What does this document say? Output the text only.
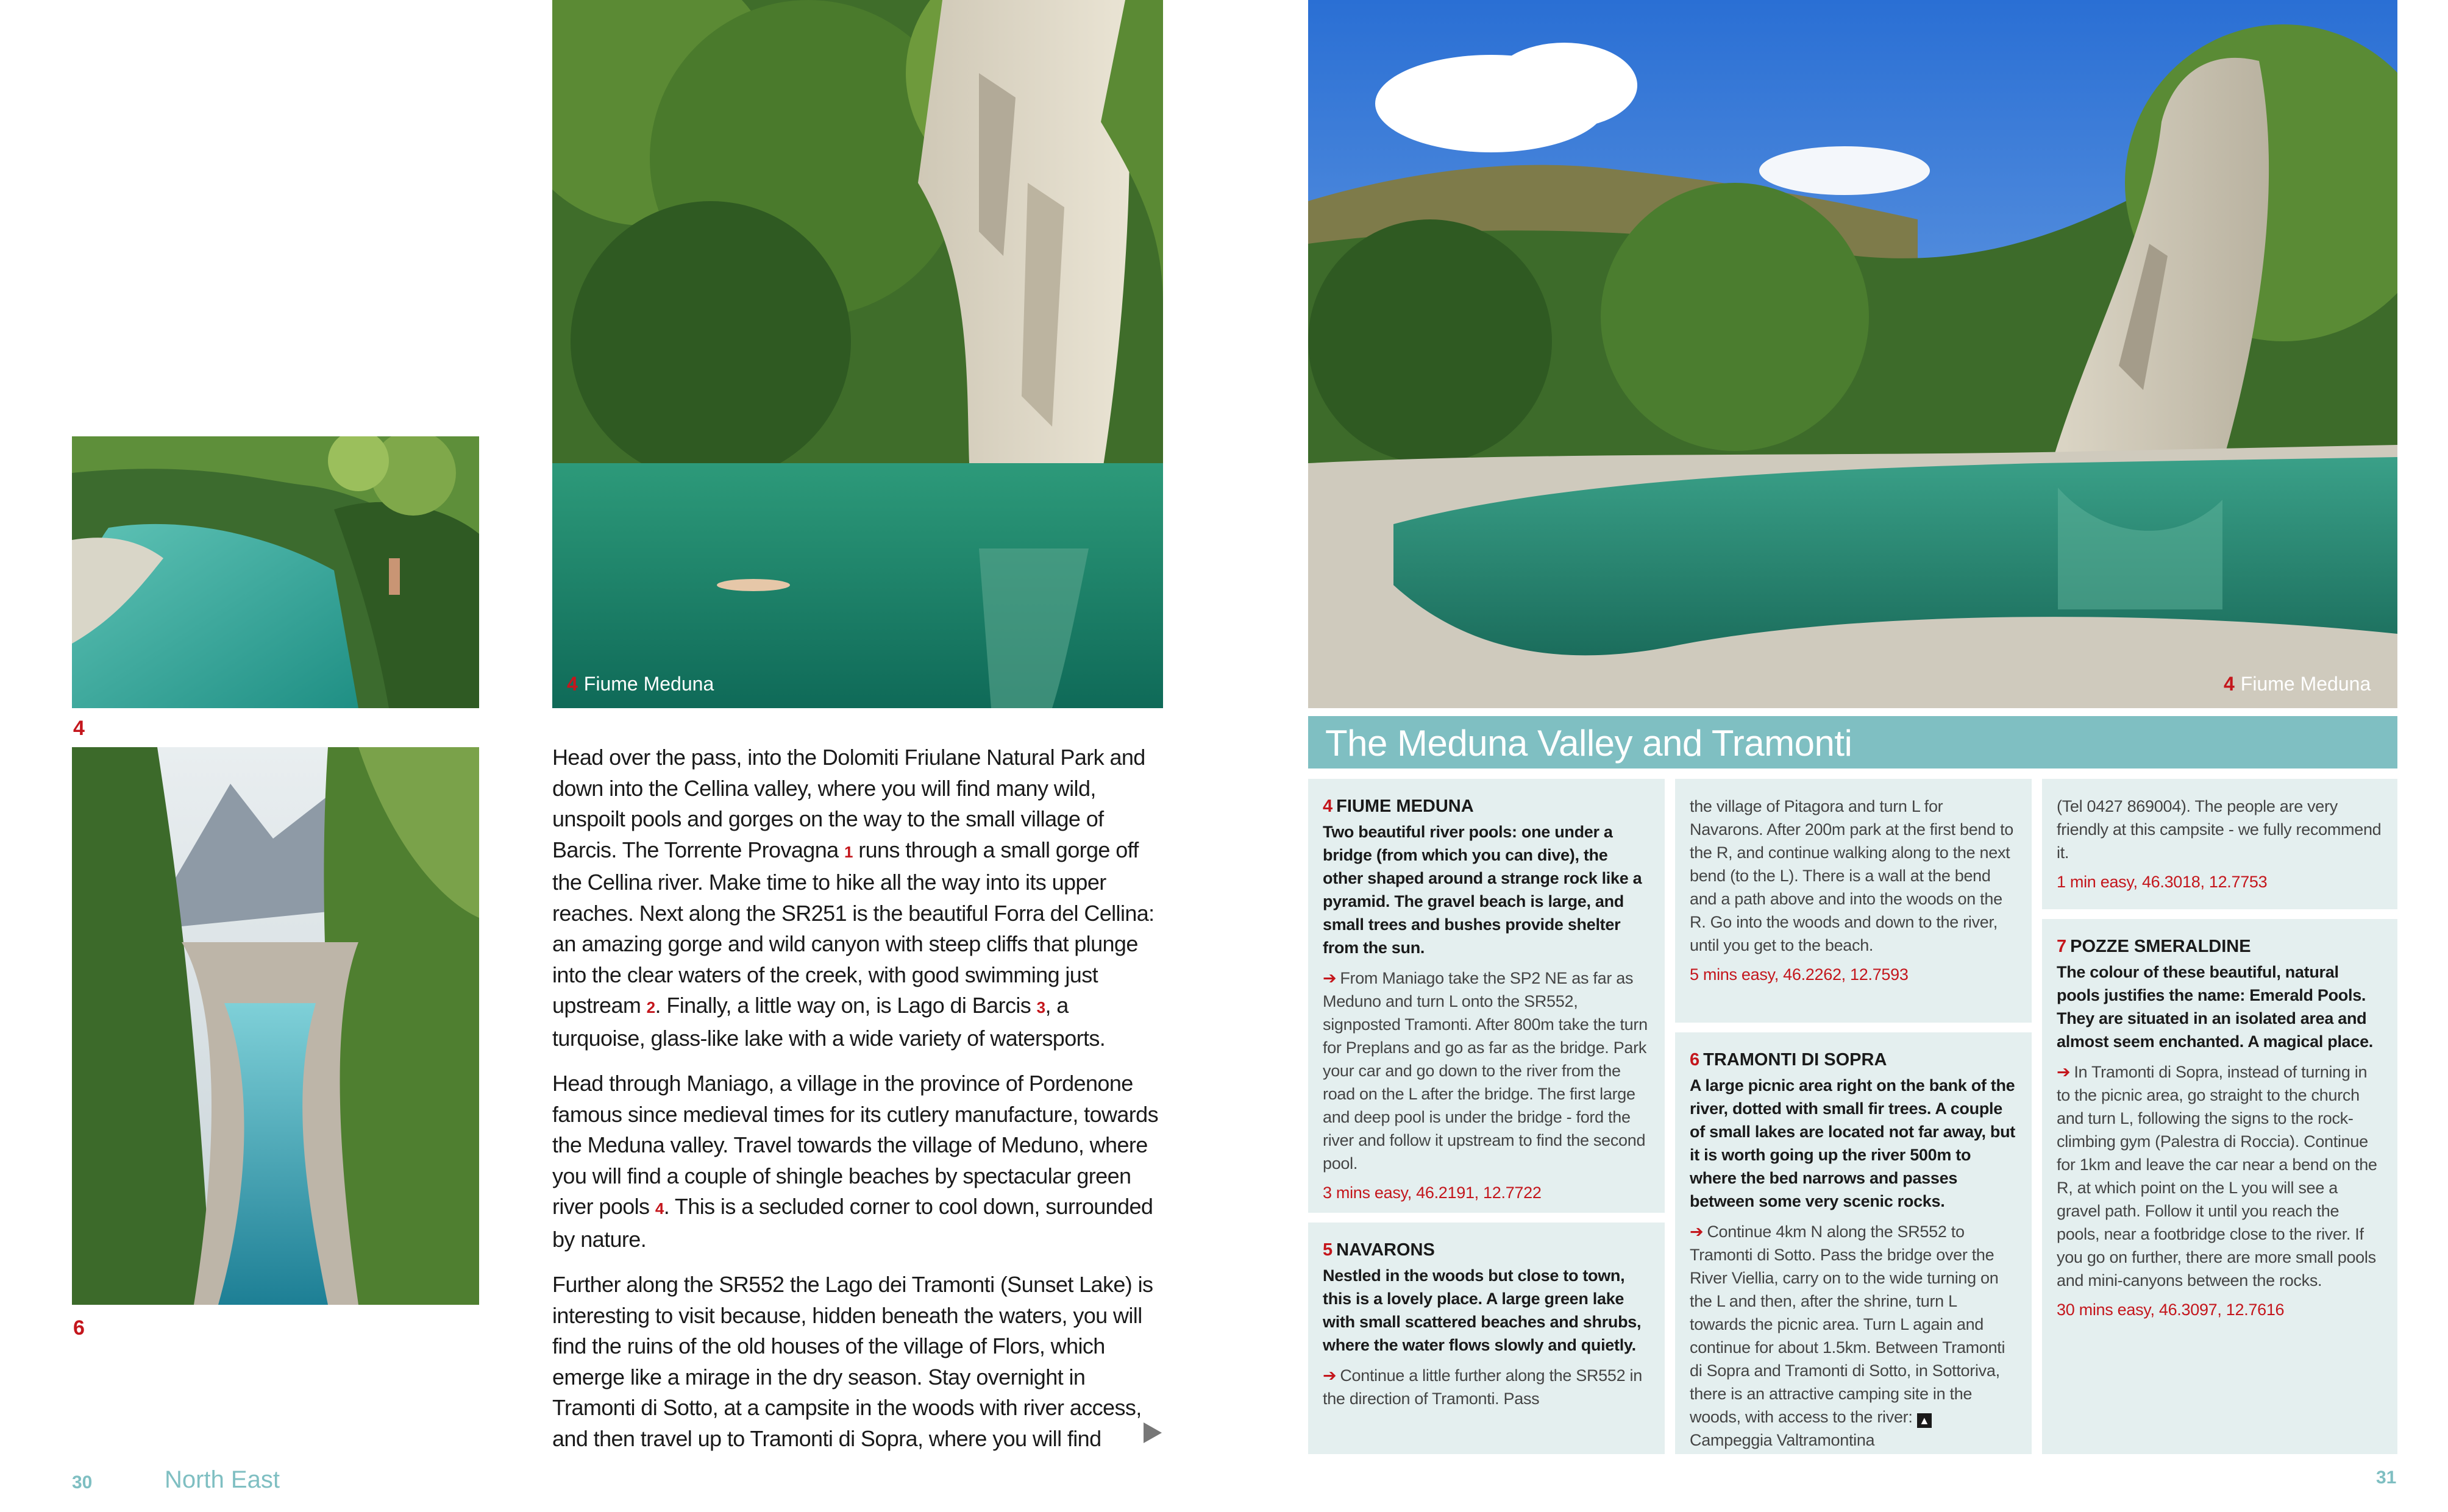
4
6
4 Fiume Meduna

Head over the pass, into the Dolomiti Friulane Natural Park and down into the Cellina valley, where you will find many wild, unspoilt pools and gorges on the way to the small village of Barcis. The Torrente Provagna 1 runs through a small gorge off the Cellina river. Make time to hike all the way into its upper reaches. Next along the SR251 is the beautiful Forra del Cellina: an amazing gorge and wild canyon with steep cliffs that plunge into the clear waters of the creek, with good swimming just upstream 2. Finally, a little way on, is Lago di Barcis 3, a turquoise, glass-like lake with a wide variety of watersports.

Head through Maniago, a village in the province of Pordenone famous since medieval times for its cutlery manufacture, towards the Meduna valley. Travel towards the village of Meduno, where you will find a couple of shingle beaches by spectacular green river pools 4. This is a secluded corner to cool down, surrounded by nature.

Further along the SR552 the Lago dei Tramonti (Sunset Lake) is interesting to visit because, hidden beneath the waters, you will find the ruins of the old houses of the village of Flors, which emerge like a mirage in the dry season. Stay overnight in Tramonti di Sotto, at a campsite in the woods with river access, and then travel up to Tramonti di Sopra, where you will find

30	North East
4 Fiume Meduna
The Meduna Valley and Tramonti
4 FIUME MEDUNA

Two beautiful river pools: one under a bridge (from which you can dive), the other shaped around a strange rock like a pyramid. The gravel beach is large, and small trees and bushes provide shelter from the sun.

➔ From Maniago take the SP2 NE as far as Meduno and turn L onto the SR552, signposted Tramonti. After 800m take the turn for Preplans and go as far as the bridge. Park your car and go down to the river from the road on the L after the bridge. The first large and deep pool is under the bridge - ford the river and follow it upstream to find the second pool.

3 mins easy, 46.2191, 12.7722

5 NAVARONS

Nestled in the woods but close to town, this is a lovely place. A large green lake with small scattered beaches and shrubs, where the water flows slowly and quietly.

➔ Continue a little further along the SR552 in the direction of Tramonti. Pass

the village of Pitagora and turn L for Navarons. After 200m park at the first bend to the R, and continue walking along to the next bend (to the L). There is a wall at the bend and a path above and into the woods on the R. Go into the woods and down to the river, until you get to the beach.

5 mins easy, 46.2262, 12.7593

6 TRAMONTI DI SOPRA

A large picnic area right on the bank of the river, dotted with small fir trees. A couple of small lakes are located not far away, but it is worth going up the river 500m to where the bed narrows and passes between some very scenic rocks.

➔ Continue 4km N along the SR552 to Tramonti di Sotto. Pass the bridge over the River Viellia, carry on to the wide turning on the L and then, after the shrine, turn L towards the picnic area. Turn L again and continue for about 1.5km. Between Tramonti di Sopra and Tramonti di Sotto, in Sottoriva, there is an attractive camping site in the woods, with access to the river: ▲Campeggia Valtramontina

(Tel 0427 869004). The people are very friendly at this campsite - we fully recommend it.

1 min easy, 46.3018, 12.7753

7 POZZE SMERALDINE

The colour of these beautiful, natural pools justifies the name: Emerald Pools. They are situated in an isolated area and almost seem enchanted. A magical place.

➔ In Tramonti di Sopra, instead of turning in to the picnic area, go straight to the church and turn L, following the signs to the rock-climbing gym (Palestra di Roccia). Continue for 1km and leave the car near a bend on the R, at which point on the L you will see a gravel path. Follow it until you reach the pools, near a footbridge close to the river. If you go on further, there are more small pools and mini-canyons between the rocks.

30 mins easy, 46.3097, 12.7616

31
